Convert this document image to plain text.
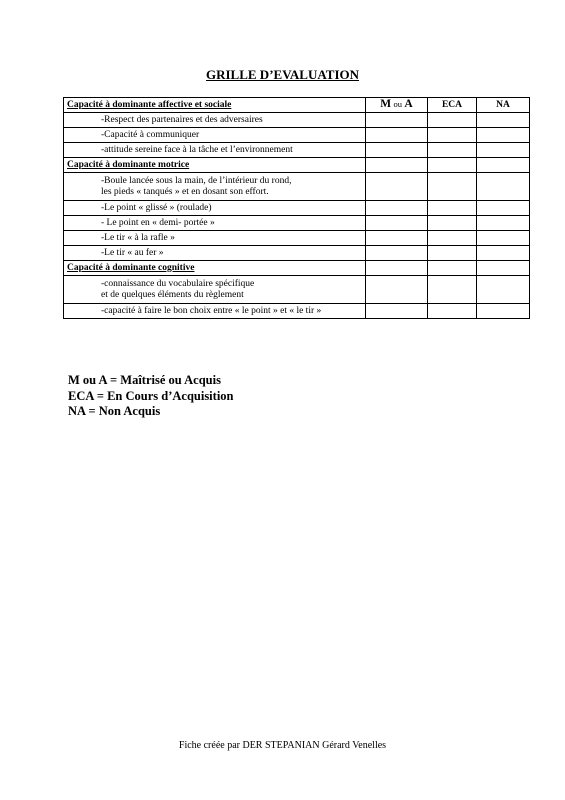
GRILLE D’EVALUATION
Capacité à dominante affective et sociale	M ou A	ECA	NA

-Respect des partenaires et des adversaires			

-Capacité à communiquer			

-attitude sereine face à la tâche et l’environnement			

Capacité à dominante motrice			

-Boule lancée sous la main, de l’intérieur du rond,
les pieds « tanqués » et en dosant son effort.			

-Le point « glissé » (roulade)			

- Le point en « demi- portée »			

-Le tir « à la rafle »			

-Le tir « au fer »			

Capacité à dominante cognitive			

-connaissance du vocabulaire spécifique
et de quelques éléments du règlement			

-capacité à faire le bon choix entre « le point » et « le tir »			

M ou A = Maîtrisé ou Acquis
ECA = En Cours d’Acquisition
NA = Non Acquis
Fiche créée par DER STEPANIAN Gérard Venelles
